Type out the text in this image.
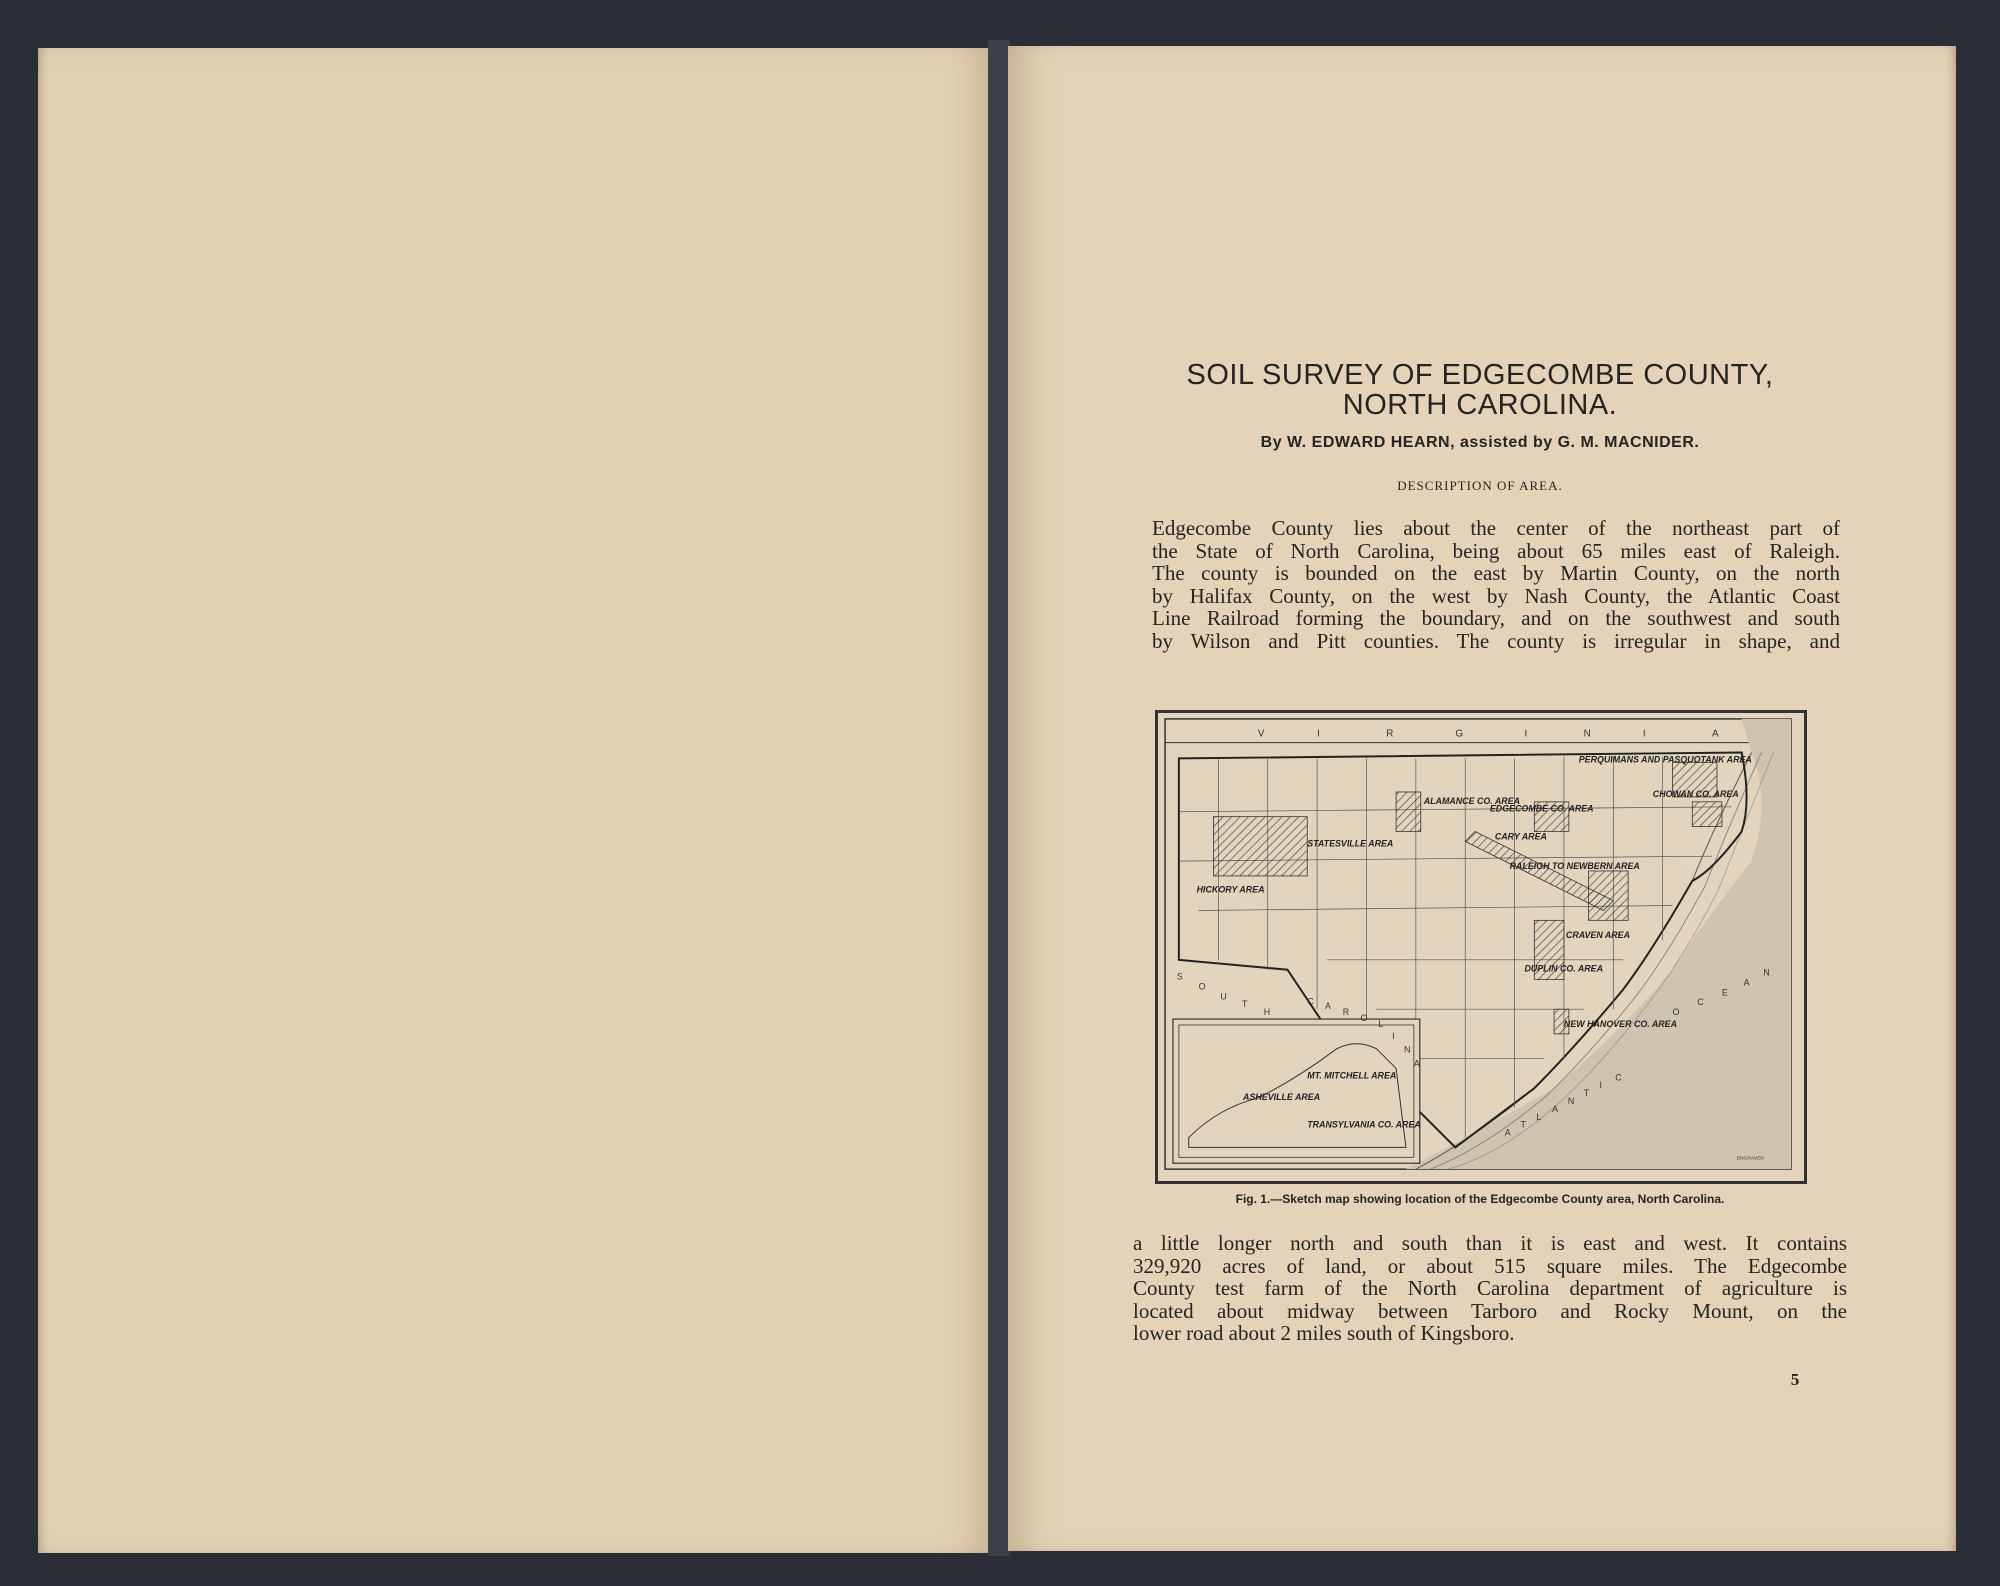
SOIL SURVEY OF EDGECOMBE COUNTY, NORTH CAROLINA.
By W. EDWARD HEARN, assisted by G. M. MACNIDER.
DESCRIPTION OF AREA.
Edgecombe County lies about the center of the northeast part of
the State of North Carolina, being about 65 miles east of Raleigh.
The county is bounded on the east by Martin County, on the north
by Halifax County, on the west by Nash County, the Atlantic Coast
Line Railroad forming the boundary, and on the southwest and south
by Wilson and Pitt counties. The county is irregular in shape, and
V	I	R	G	I	N	I	A
S
O
U
T
H
C A
R
O
L
I
N
A
O
C
E
A
N
A
T
L
A
N
T
I
C
PERQUIMANS AND PASQUOTANK AREA
CHOWAN CO. AREA
ALAMANCE CO. AREA
EDGECOMBE CO. AREA
CARY AREA
STATESVILLE AREA
HICKORY AREA
RALEIGH TO NEWBERN AREA
CRAVEN AREA
DUPLIN CO. AREA
NEW HANOVER CO. AREA
MT. MITCHELL AREA
ASHEVILLE AREA
TRANSYLVANIA CO. AREA
ENGRAVER
Fig. 1.—Sketch map showing location of the Edgecombe County area, North Carolina.
a little longer north and south than it is east and west. It contains
329,920 acres of land, or about 515 square miles. The Edgecombe
County test farm of the North Carolina department of agriculture is
located about midway between Tarboro and Rocky Mount, on the
lower road about 2 miles south of Kingsboro.
5
